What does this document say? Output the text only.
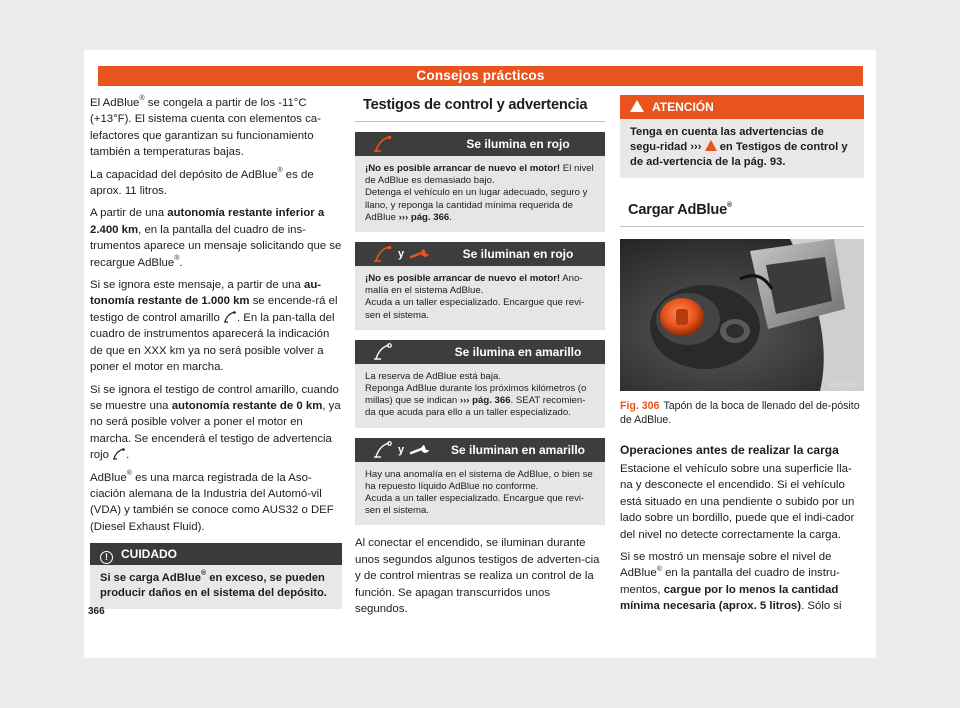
Consejos prácticos

El AdBlue® se congela a partir de los -11°C (+13°F). El sistema cuenta con elementos ca-lefactores que garantizan su funcionamiento también a temperaturas bajas.

La capacidad del depósito de AdBlue® es de aprox. 11 litros.

A partir de una autonomía restante inferior a 2.400 km, en la pantalla del cuadro de ins-trumentos aparece un mensaje solicitando que se recargue AdBlue®.

Si se ignora este mensaje, a partir de una au-tonomía restante de 1.000 km se encende-rá el testigo de control amarillo . En la pan-talla del cuadro de instrumentos aparecerá la indicación de que en XXX km ya no será posible volver a poner el motor en marcha.

Si se ignora el testigo de control amarillo, cuando se muestre una autonomía restante de 0 km, ya no será posible volver a poner el motor en marcha. Se encenderá el testigo de advertencia rojo .

AdBlue® es una marca registrada de la Aso-ciación alemana de la Industria del Automó-vil (VDA) y también se conoce como AUS32 o DEF (Diesel Exhaust Fluid).

! CUIDADO
Si se carga AdBlue® en exceso, se pueden producir daños en el sistema del depósito.
Testigos de control y advertencia
Se ilumina en rojo

¡No es posible arrancar de nuevo el motor! El nivel de AdBlue es demasiado bajo.

Detenga el vehículo en un lugar adecuado, seguro y llano, y reponga la cantidad mínima requerida de AdBlue ››› pág. 366.

y	Se iluminan en rojo

¡No es posible arrancar de nuevo el motor! Ano-malía en el sistema AdBlue.

Acuda a un taller especializado. Encargue que revi-sen el sistema.

Se ilumina en amarillo

La reserva de AdBlue está baja.

Reponga AdBlue durante los próximos kilómetros (o millas) que se indican ››› pág. 366. SEAT recomien-da que acuda para ello a un taller especializado.

y	Se iluminan en amarillo

Hay una anomalía en el sistema de AdBlue, o bien se ha repuesto líquido AdBlue no conforme.

Acuda a un taller especializado. Encargue que revi-sen el sistema.

Al conectar el encendido, se iluminan durante unos segundos algunos testigos de adverten-cia y de control mientras se realiza un control de la función. Se apagan transcurridos unos segundos.

ATENCIÓN
Tenga en cuenta las advertencias de segu-ridad ›››  en Testigos de control y de ad-vertencia de la pág. 93.
Cargar AdBlue®
B57-0260

Fig. 306 Tapón de la boca de llenado del de-pósito de AdBlue.

Operaciones antes de realizar la carga

Estacione el vehículo sobre una superficie lla-na y desconecte el encendido. Si el vehículo está situado en una pendiente o subido por un lado sobre un bordillo, puede que el indi-cador del nivel no detecte correctamente la carga.

Si se mostró un mensaje sobre el nivel de AdBlue® en la pantalla del cuadro de instru-mentos, cargue por lo menos la cantidad mínima necesaria (aprox. 5 litros). Sólo si

366
